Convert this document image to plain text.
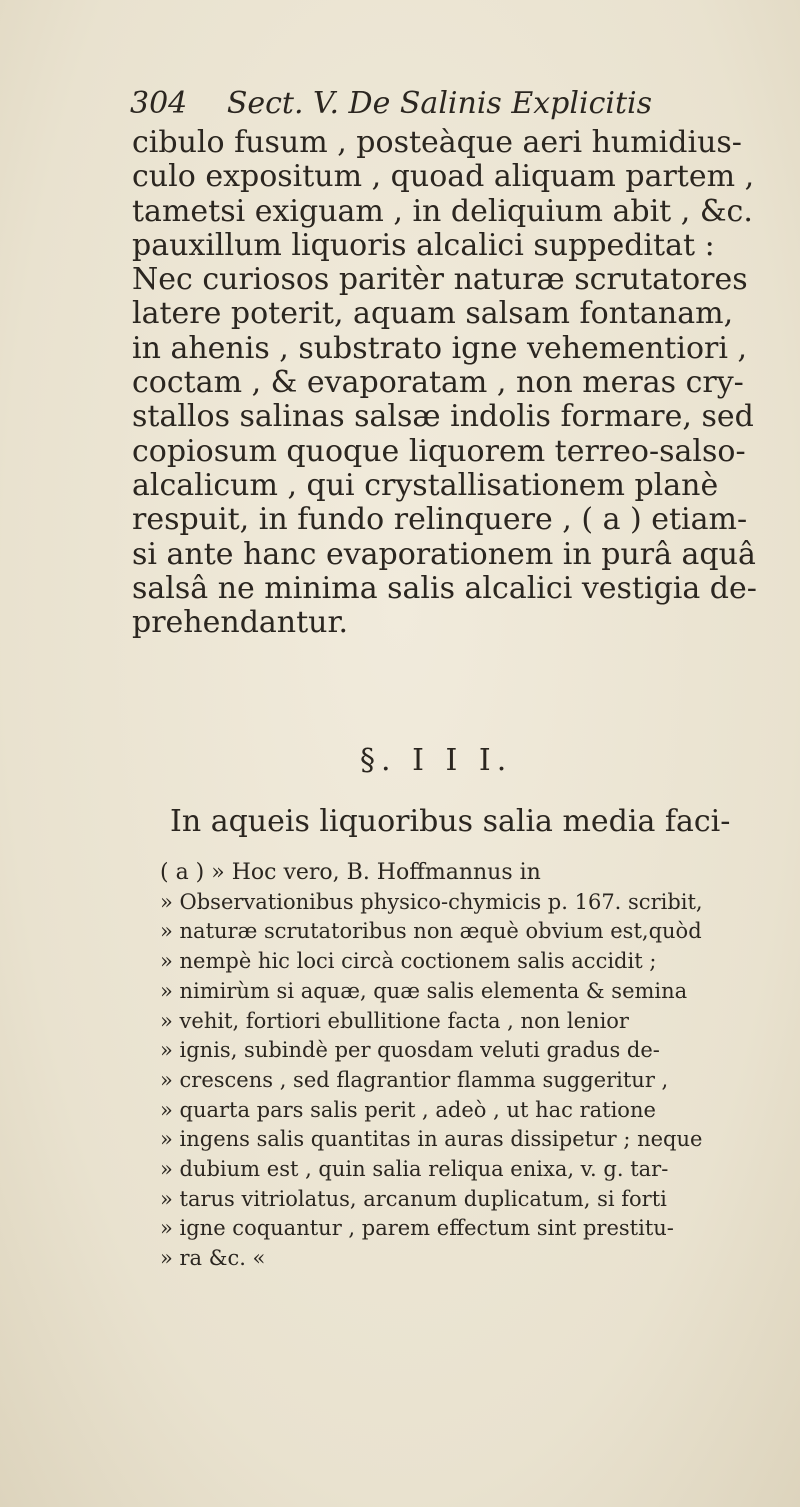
304 Sect. V. De Salinis Explicitis
cibulo fusum , posteàque aeri humidius-
culo expositum , quoad aliquam partem ,
tametsi exiguam , in deliquium abit , &c.
pauxillum liquoris alcalici suppeditat :
Nec curiosos paritèr naturæ scrutatores
latere poterit, aquam salsam fontanam,
in ahenis , substrato igne vehementiori ,
coctam , & evaporatam , non meras cry-
stallos salinas salsæ indolis formare, sed
copiosum quoque liquorem terreo-salso-
alcalicum , qui crystallisationem planè
respuit, in fundo relinquere , ( a ) etiam-
si ante hanc evaporationem in purâ aquâ
salsâ ne minima salis alcalici vestigia de-
prehendantur.
§. I I I.
In aqueis liquoribus salia media faci-
( a ) » Hoc vero, B. Hoffmannus in
» Observationibus physico-chymicis p. 167. scribit,
» naturæ scrutatoribus non æquè obvium est,quòd
» nempè hic loci circà coctionem salis accidit ;
» nimirùm si aquæ, quæ salis elementa & semina
» vehit, fortiori ebullitione facta , non lenior
» ignis, subindè per quosdam veluti gradus de-
» crescens , sed flagrantior flamma suggeritur ,
» quarta pars salis perit , adeò , ut hac ratione
» ingens salis quantitas in auras dissipetur ; neque
» dubium est , quin salia reliqua enixa, v. g. tar-
» tarus vitriolatus, arcanum duplicatum, si forti
» igne coquantur , parem effectum sint prestitu-
» ra &c. «
